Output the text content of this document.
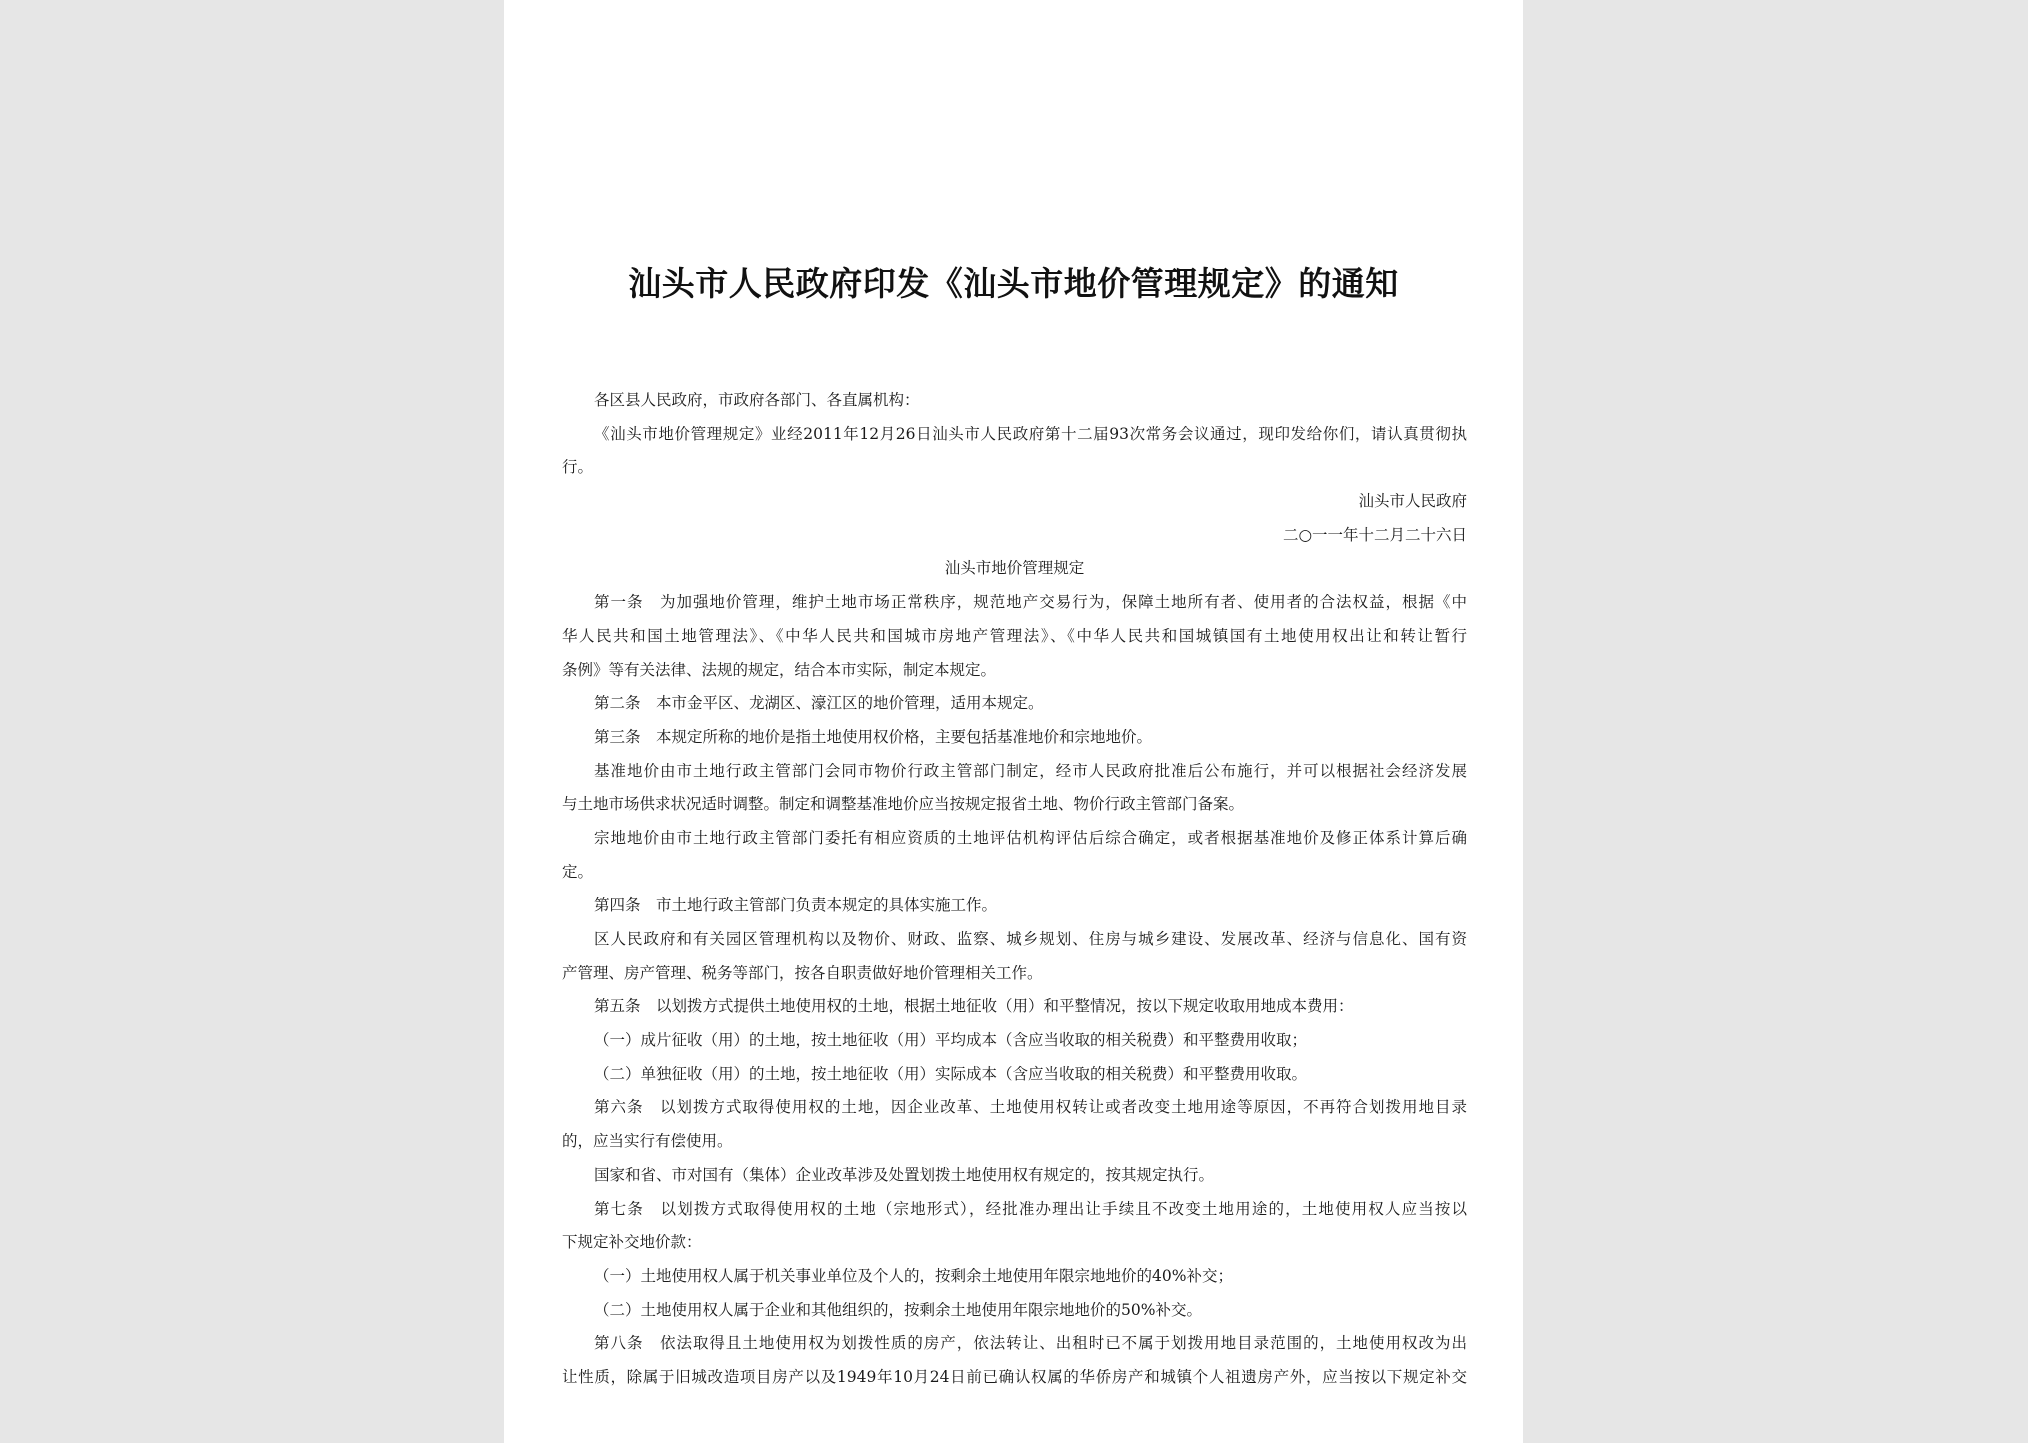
汕头市人民政府印发《汕头市地价管理规定》的通知
各区县人民政府，市政府各部门、各直属机构：
《汕头市地价管理规定》业经2011年12月26日汕头市人民政府第十二届93次常务会议通过，现印发给你们，请认真贯彻执
行。
汕头市人民政府
二○一一年十二月二十六日
汕头市地价管理规定
第一条　为加强地价管理，维护土地市场正常秩序，规范地产交易行为，保障土地所有者、使用者的合法权益，根据《中
华人民共和国土地管理法》、《中华人民共和国城市房地产管理法》、《中华人民共和国城镇国有土地使用权出让和转让暂行
条例》等有关法律、法规的规定，结合本市实际，制定本规定。
第二条　本市金平区、龙湖区、濠江区的地价管理，适用本规定。
第三条　本规定所称的地价是指土地使用权价格，主要包括基准地价和宗地地价。
基准地价由市土地行政主管部门会同市物价行政主管部门制定，经市人民政府批准后公布施行，并可以根据社会经济发展
与土地市场供求状况适时调整。制定和调整基准地价应当按规定报省土地、物价行政主管部门备案。
宗地地价由市土地行政主管部门委托有相应资质的土地评估机构评估后综合确定，或者根据基准地价及修正体系计算后确
定。
第四条　市土地行政主管部门负责本规定的具体实施工作。
区人民政府和有关园区管理机构以及物价、财政、监察、城乡规划、住房与城乡建设、发展改革、经济与信息化、国有资
产管理、房产管理、税务等部门，按各自职责做好地价管理相关工作。
第五条　以划拨方式提供土地使用权的土地，根据土地征收（用）和平整情况，按以下规定收取用地成本费用：
（一）成片征收（用）的土地，按土地征收（用）平均成本（含应当收取的相关税费）和平整费用收取；
（二）单独征收（用）的土地，按土地征收（用）实际成本（含应当收取的相关税费）和平整费用收取。
第六条　以划拨方式取得使用权的土地，因企业改革、土地使用权转让或者改变土地用途等原因，不再符合划拨用地目录
的，应当实行有偿使用。
国家和省、市对国有（集体）企业改革涉及处置划拨土地使用权有规定的，按其规定执行。
第七条　以划拨方式取得使用权的土地（宗地形式），经批准办理出让手续且不改变土地用途的，土地使用权人应当按以
下规定补交地价款：
（一）土地使用权人属于机关事业单位及个人的，按剩余土地使用年限宗地地价的40%补交；
（二）土地使用权人属于企业和其他组织的，按剩余土地使用年限宗地地价的50%补交。
第八条　依法取得且土地使用权为划拨性质的房产，依法转让、出租时已不属于划拨用地目录范围的，土地使用权改为出
让性质，除属于旧城改造项目房产以及1949年10月24日前已确认权属的华侨房产和城镇个人祖遗房产外，应当按以下规定补交
